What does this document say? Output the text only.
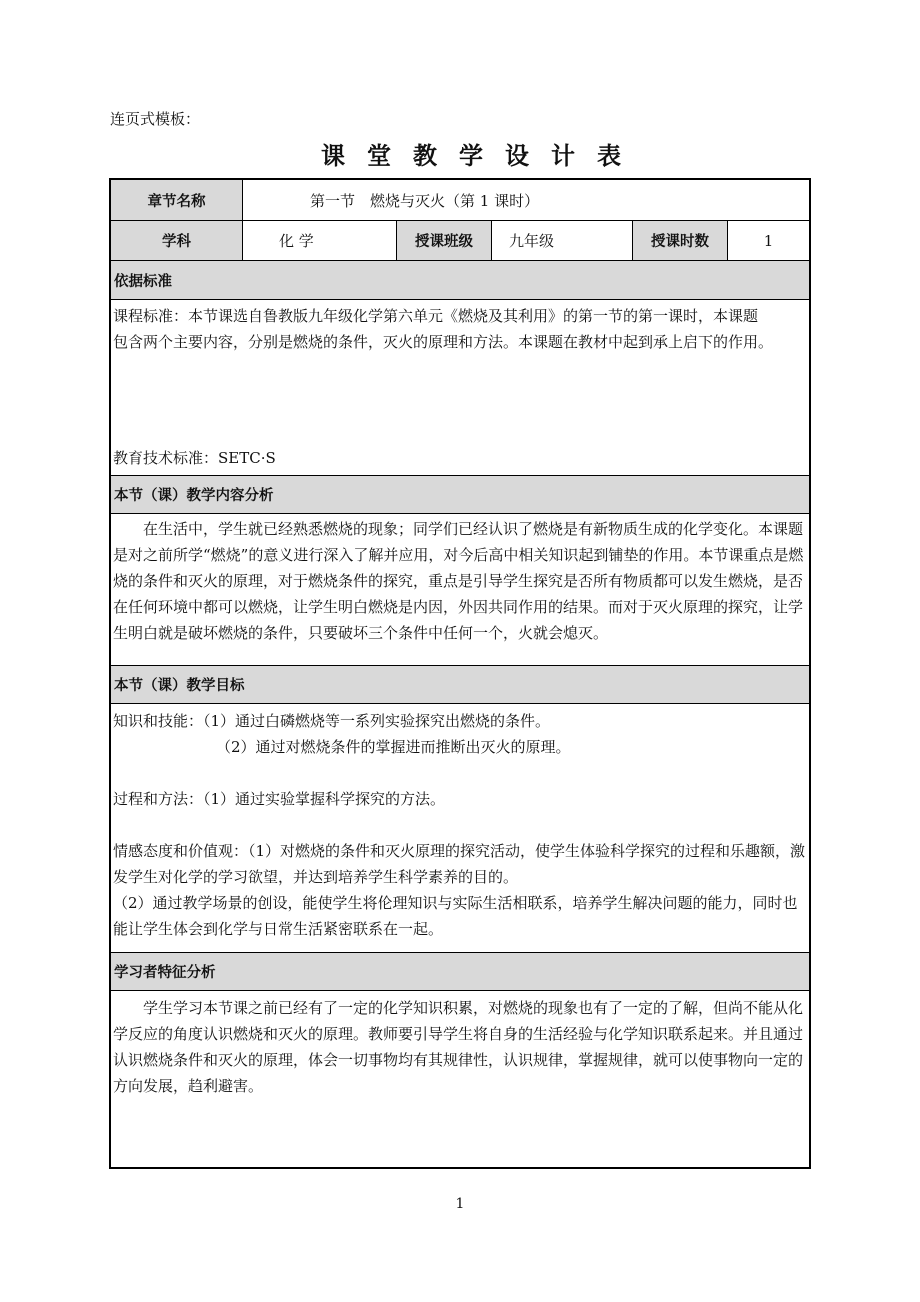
连页式模板：
课堂教学设计表
章节名称	第一节　燃烧与灭火（第 1 课时）
学科	化 学	授课班级	九年级	授课时数	1
依据标准

课程标准：本节课选自鲁教版九年级化学第六单元《燃烧及其利用》的第一节的第一课时，本课题

包含两个主要内容，分别是燃烧的条件，灭火的原理和方法。本课题在教材中起到承上启下的作用。

教育技术标准：SETC·S

本节（课）教学内容分析

在生活中，学生就已经熟悉燃烧的现象；同学们已经认识了燃烧是有新物质生成的化学变化。本课题是对之前所学“燃烧”的意义进行深入了解并应用，对今后高中相关知识起到铺垫的作用。本节课重点是燃烧的条件和灭火的原理，对于燃烧条件的探究，重点是引导学生探究是否所有物质都可以发生燃烧，是否在任何环境中都可以燃烧，让学生明白燃烧是内因，外因共同作用的结果。而对于灭火原理的探究，让学生明白就是破坏燃烧的条件，只要破坏三个条件中任何一个，火就会熄灭。

本节（课）教学目标

知识和技能：（1）通过白磷燃烧等一系列实验探究出燃烧的条件。

（2）通过对燃烧条件的掌握进而推断出灭火的原理。

过程和方法：（1）通过实验掌握科学探究的方法。

情感态度和价值观：（1）对燃烧的条件和灭火原理的探究活动，使学生体验科学探究的过程和乐趣额，激发学生对化学的学习欲望，并达到培养学生科学素养的目的。

（2）通过教学场景的创设，能使学生将伦理知识与实际生活相联系，培养学生解决问题的能力，同时也能让学生体会到化学与日常生活紧密联系在一起。

学习者特征分析

学生学习本节课之前已经有了一定的化学知识积累，对燃烧的现象也有了一定的了解，但尚不能从化学反应的角度认识燃烧和灭火的原理。教师要引导学生将自身的生活经验与化学知识联系起来。并且通过认识燃烧条件和灭火的原理，体会一切事物均有其规律性，认识规律，掌握规律，就可以使事物向一定的方向发展，趋利避害。

1
